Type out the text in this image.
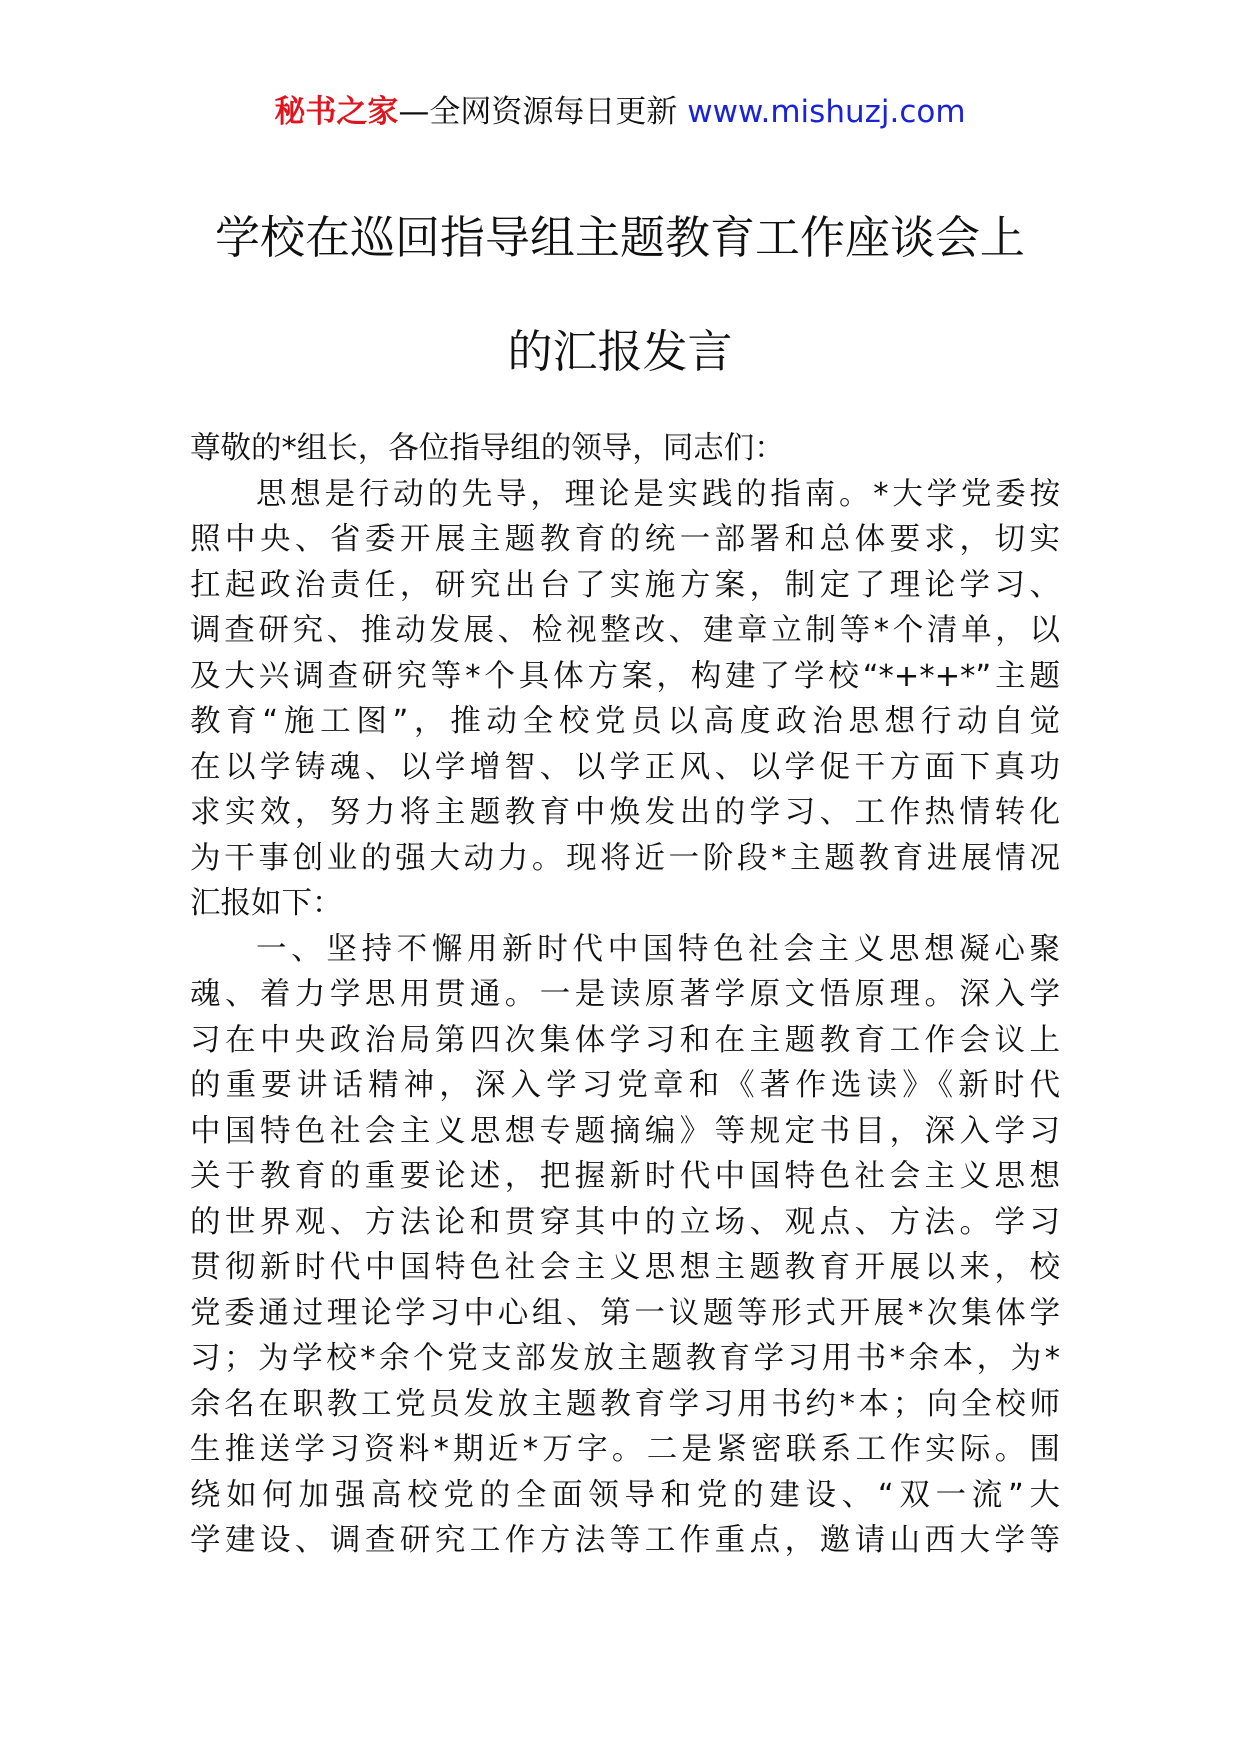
秘书之家—全网资源每日更新 www.mishuzj.com
学校在巡回指导组主题教育工作座谈会上
的汇报发言
尊敬的*组长，各位指导组的领导，同志们：
思想是行动的先导，理论是实践的指南。*大学党委按
照中央、省委开展主题教育的统一部署和总体要求，切实
扛起政治责任，研究出台了实施方案，制定了理论学习、
调查研究、推动发展、检视整改、建章立制等*个清单，以
及大兴调查研究等*个具体方案，构建了学校“*+*+*”主题
教育“施工图”，推动全校党员以高度政治思想行动自觉
在以学铸魂、以学增智、以学正风、以学促干方面下真功
求实效，努力将主题教育中焕发出的学习、工作热情转化
为干事创业的强大动力。现将近一阶段*主题教育进展情况
汇报如下：
一、坚持不懈用新时代中国特色社会主义思想凝心聚
魂、着力学思用贯通。一是读原著学原文悟原理。深入学
习在中央政治局第四次集体学习和在主题教育工作会议上
的重要讲话精神，深入学习党章和《著作选读》《新时代
中国特色社会主义思想专题摘编》等规定书目，深入学习
关于教育的重要论述，把握新时代中国特色社会主义思想
的世界观、方法论和贯穿其中的立场、观点、方法。学习
贯彻新时代中国特色社会主义思想主题教育开展以来，校
党委通过理论学习中心组、第一议题等形式开展*次集体学
习；为学校*余个党支部发放主题教育学习用书*余本，为*
余名在职教工党员发放主题教育学习用书约*本；向全校师
生推送学习资料*期近*万字。二是紧密联系工作实际。围
绕如何加强高校党的全面领导和党的建设、“双一流”大
学建设、调查研究工作方法等工作重点，邀请山西大学等
